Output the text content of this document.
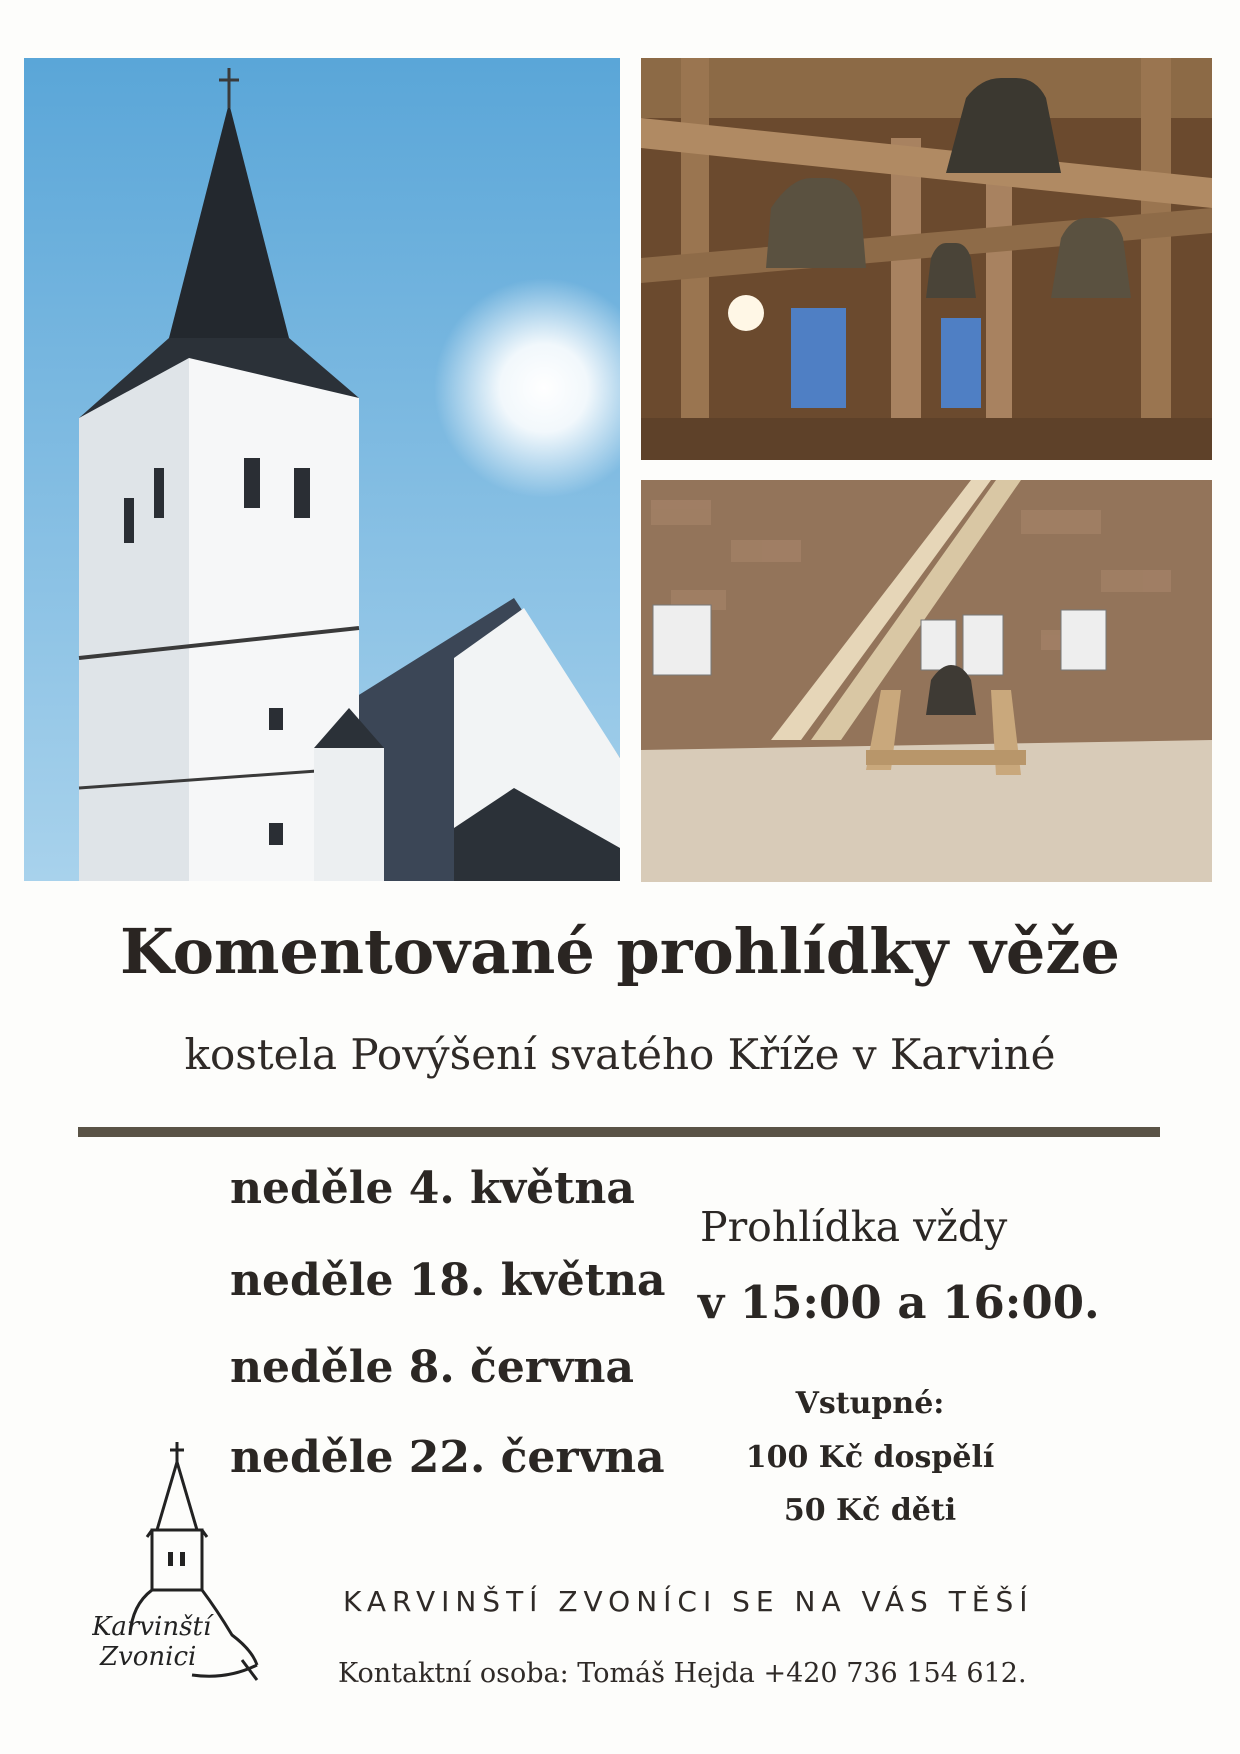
Komentované prohlídky věže
kostela Povýšení svatého Kříže v Karviné
neděle 4. května
neděle 18. května
neděle 8. června
neděle 22. června
Prohlídka vždy
v 15:00 a 16:00.
Vstupné:
100 Kč dospělí
50 Kč děti
Karvinští
Zvonici
KARVINŠTÍ ZVONÍCI SE NA VÁS TĚŠÍ
Kontaktní osoba: Tomáš Hejda +420 736 154 612.
